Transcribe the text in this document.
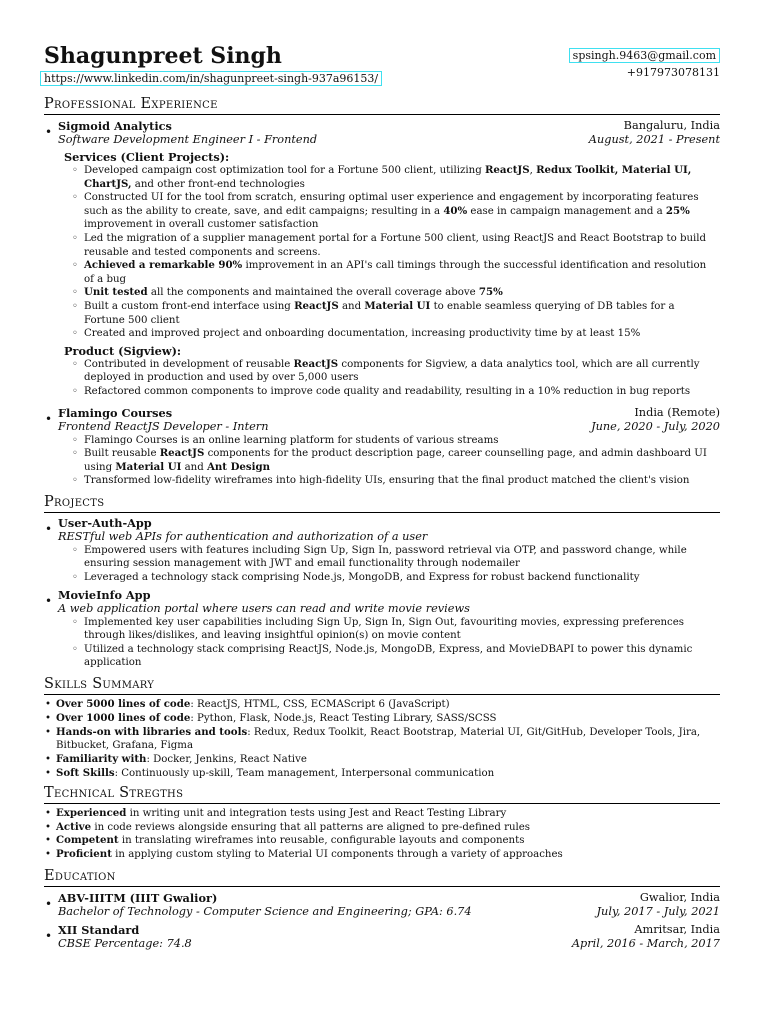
Shagunpreet Singh	spsingh.9463@gmail.com
+917973078131
https://www.linkedin.com/in/shagunpreet-singh-937a96153/
Professional Experience
• Sigmoid Analytics	Bangaluru, India
Software Development Engineer I - Frontend	August, 2021 - Present
Services (Client Projects):
◦ Developed campaign cost optimization tool for a Fortune 500 client, utilizing ReactJS, Redux Toolkit, Material UI, ChartJS, and other front-end technologies
◦ Constructed UI for the tool from scratch, ensuring optimal user experience and engagement by incorporating features such as the ability to create, save, and edit campaigns; resulting in a 40% ease in campaign management and a 25% improvement in overall customer satisfaction
◦ Led the migration of a supplier management portal for a Fortune 500 client, using ReactJS and React Bootstrap to build reusable and tested components and screens.
◦ Achieved a remarkable 90% improvement in an API's call timings through the successful identification and resolution of a bug
◦ Unit tested all the components and maintained the overall coverage above 75%
◦ Built a custom front-end interface using ReactJS and Material UI to enable seamless querying of DB tables for a Fortune 500 client
◦ Created and improved project and onboarding documentation, increasing productivity time by at least 15%
Product (Sigview):
◦ Contributed in development of reusable ReactJS components for Sigview, a data analytics tool, which are all currently deployed in production and used by over 5,000 users
◦ Refactored common components to improve code quality and readability, resulting in a 10% reduction in bug reports
• Flamingo Courses	India (Remote)
Frontend ReactJS Developer - Intern	June, 2020 - July, 2020
◦ Flamingo Courses is an online learning platform for students of various streams
◦ Built reusable ReactJS components for the product description page, career counselling page, and admin dashboard UI using Material UI and Ant Design
◦ Transformed low-fidelity wireframes into high-fidelity UIs, ensuring that the final product matched the client's vision
Projects
• User-Auth-App
RESTful web APIs for authentication and authorization of a user
◦ Empowered users with features including Sign Up, Sign In, password retrieval via OTP, and password change, while ensuring session management with JWT and email functionality through nodemailer
◦ Leveraged a technology stack comprising Node.js, MongoDB, and Express for robust backend functionality
• MovieInfo App
A web application portal where users can read and write movie reviews
◦ Implemented key user capabilities including Sign Up, Sign In, Sign Out, favouriting movies, expressing preferences through likes/dislikes, and leaving insightful opinion(s) on movie content
◦ Utilized a technology stack comprising ReactJS, Node.js, MongoDB, Express, and MovieDBAPI to power this dynamic application
Skills Summary
• Over 5000 lines of code: ReactJS, HTML, CSS, ECMAScript 6 (JavaScript)
• Over 1000 lines of code: Python, Flask, Node.js, React Testing Library, SASS/SCSS
• Hands-on with libraries and tools: Redux, Redux Toolkit, React Bootstrap, Material UI, Git/GitHub, Developer Tools, Jira, Bitbucket, Grafana, Figma
• Familiarity with: Docker, Jenkins, React Native
• Soft Skills: Continuously up-skill, Team management, Interpersonal communication
Technical Stregths
• Experienced in writing unit and integration tests using Jest and React Testing Library
• Active in code reviews alongside ensuring that all patterns are aligned to pre-defined rules
• Competent in translating wireframes into reusable, configurable layouts and components
• Proficient in applying custom styling to Material UI components through a variety of approaches
Education
• ABV-IIITM (IIIT Gwalior)	Gwalior, India
Bachelor of Technology - Computer Science and Engineering; GPA: 6.74	July, 2017 - July, 2021
• XII Standard	Amritsar, India
CBSE Percentage: 74.8	April, 2016 - March, 2017
